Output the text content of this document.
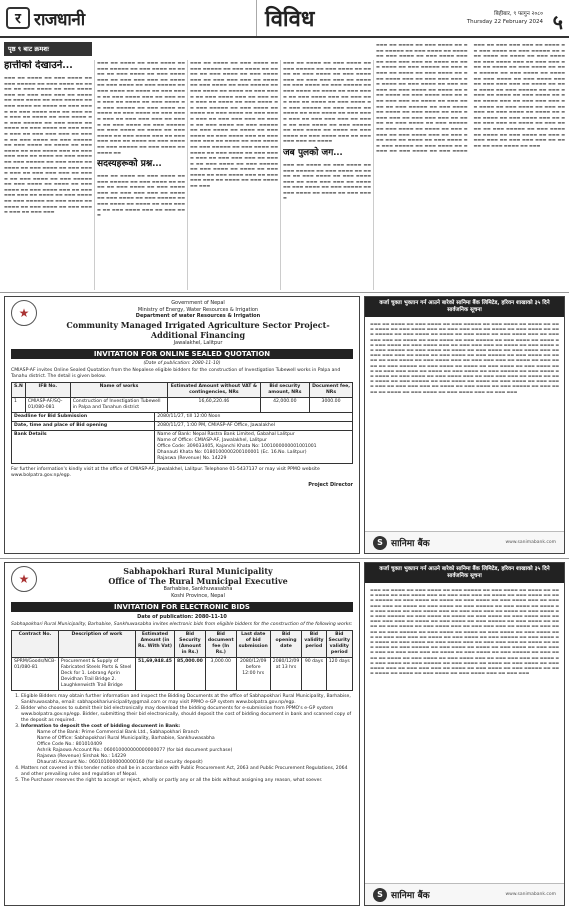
र राजधानी	विविध	बिहीबार, ९ फागुन २०८०
Thursday 22 February 2024 ५
पृष्ठ ९ बाट क्रमशः
हात्तीको देखाउने...
▬▬▬ ▬▬ ▬▬▬▬ ▬▬ ▬▬▬ ▬▬▬▬ ▬▬ ▬▬▬ ▬▬▬▬▬ ▬▬ ▬▬▬ ▬▬▬▬ ▬▬ ▬▬▬▬ ▬▬ ▬▬▬ ▬▬▬▬ ▬▬ ▬▬▬ ▬▬▬▬ ▬▬▬ ▬▬ ▬▬▬ ▬▬▬ ▬▬▬ ▬▬ ▬▬▬▬ ▬▬ ▬▬▬ ▬▬▬▬ ▬▬ ▬▬▬ ▬▬▬▬▬ ▬▬ ▬▬▬ ▬▬▬▬ ▬▬ ▬▬▬▬ ▬▬ ▬▬▬ ▬▬▬▬ ▬▬ ▬▬▬ ▬▬▬▬ ▬▬▬ ▬▬ ▬▬▬ ▬▬▬ ▬▬▬ ▬▬ ▬▬▬▬ ▬▬ ▬▬▬ ▬▬▬▬ ▬▬ ▬▬▬ ▬▬▬▬▬ ▬▬ ▬▬▬ ▬▬▬▬ ▬▬ ▬▬▬▬ ▬▬ ▬▬▬ ▬▬▬▬ ▬▬ ▬▬▬ ▬▬▬▬ ▬▬▬ ▬▬ ▬▬▬ ▬▬▬ ▬▬▬ ▬▬ ▬▬▬▬ ▬▬ ▬▬▬ ▬▬▬▬ ▬▬ ▬▬▬ ▬▬▬▬▬ ▬▬ ▬▬▬ ▬▬▬▬ ▬▬ ▬▬▬▬ ▬▬ ▬▬▬ ▬▬▬▬ ▬▬ ▬▬▬ ▬▬▬▬ ▬▬▬ ▬▬ ▬▬▬ ▬▬▬ ▬▬▬ ▬▬ ▬▬▬▬ ▬▬ ▬▬▬ ▬▬▬▬ ▬▬ ▬▬▬ ▬▬▬▬▬ ▬▬ ▬▬▬ ▬▬▬▬ ▬▬ ▬▬▬▬ ▬▬ ▬▬▬ ▬▬▬▬ ▬▬ ▬▬▬ ▬▬▬▬ ▬▬▬ ▬▬ ▬▬▬ ▬▬▬ ▬▬▬ ▬▬ ▬▬▬▬ ▬▬ ▬▬▬ ▬▬▬▬ ▬▬ ▬▬▬ ▬▬▬▬▬ ▬▬ ▬▬▬ ▬▬▬▬ ▬▬ ▬▬▬▬ ▬▬ ▬▬▬ ▬▬▬▬ ▬▬ ▬▬▬ ▬▬▬▬ ▬▬▬ ▬▬ ▬▬▬ ▬▬▬ ▬▬▬ ▬▬ ▬▬▬▬ ▬▬ ▬▬▬ ▬▬▬▬ ▬▬ ▬▬▬ ▬▬▬▬▬ ▬▬ ▬▬▬ ▬▬▬▬ ▬▬ ▬▬▬▬ ▬▬ ▬▬▬ ▬▬▬▬ ▬▬ ▬▬▬ ▬▬▬▬ ▬▬▬ ▬▬ ▬▬▬ ▬▬▬
▬▬▬ ▬▬ ▬▬▬▬ ▬▬ ▬▬▬ ▬▬▬▬ ▬▬ ▬▬▬ ▬▬▬▬▬ ▬▬ ▬▬▬ ▬▬▬▬ ▬▬ ▬▬▬▬ ▬▬ ▬▬▬ ▬▬▬▬ ▬▬ ▬▬▬ ▬▬▬▬ ▬▬▬ ▬▬ ▬▬▬ ▬▬▬ ▬▬▬ ▬▬ ▬▬▬▬ ▬▬ ▬▬▬ ▬▬▬▬ ▬▬ ▬▬▬ ▬▬▬▬▬ ▬▬ ▬▬▬ ▬▬▬▬ ▬▬ ▬▬▬▬ ▬▬ ▬▬▬ ▬▬▬▬ ▬▬ ▬▬▬ ▬▬▬▬ ▬▬▬ ▬▬ ▬▬▬ ▬▬▬ ▬▬▬ ▬▬ ▬▬▬▬ ▬▬ ▬▬▬ ▬▬▬▬ ▬▬ ▬▬▬ ▬▬▬▬▬ ▬▬ ▬▬▬ ▬▬▬▬ ▬▬ ▬▬▬▬ ▬▬ ▬▬▬ ▬▬▬▬ ▬▬ ▬▬▬ ▬▬▬▬ ▬▬▬ ▬▬ ▬▬▬ ▬▬▬ ▬▬▬ ▬▬ ▬▬▬▬ ▬▬ ▬▬▬ ▬▬▬▬ ▬▬ ▬▬▬ ▬▬▬▬▬ ▬▬ ▬▬▬ ▬▬▬▬ ▬▬ ▬▬▬▬ ▬▬ ▬▬▬ ▬▬▬▬ ▬▬ ▬▬▬ ▬▬▬▬ ▬▬▬ ▬▬ ▬▬▬ ▬▬▬ ▬▬▬ ▬▬ ▬▬▬▬ ▬▬ ▬▬▬ ▬▬▬▬ ▬▬ ▬▬▬ ▬▬▬▬▬ ▬▬ ▬▬▬ ▬▬▬▬ ▬▬ ▬▬▬▬ ▬▬
सदस्यहरूको प्रश्न...
▬▬▬ ▬▬ ▬▬▬▬ ▬▬ ▬▬▬ ▬▬▬▬ ▬▬ ▬▬▬ ▬▬▬▬▬ ▬▬ ▬▬▬ ▬▬▬▬ ▬▬ ▬▬▬▬ ▬▬ ▬▬▬ ▬▬▬▬ ▬▬ ▬▬▬ ▬▬▬▬ ▬▬▬ ▬▬ ▬▬▬ ▬▬▬ ▬▬▬ ▬▬ ▬▬▬▬ ▬▬ ▬▬▬ ▬▬▬▬ ▬▬ ▬▬▬ ▬▬▬▬▬ ▬▬ ▬▬▬ ▬▬▬▬ ▬▬ ▬▬▬▬ ▬▬ ▬▬▬ ▬▬▬▬ ▬▬ ▬▬▬ ▬▬▬▬ ▬▬▬ ▬▬ ▬▬▬ ▬▬▬
▬▬▬ ▬▬ ▬▬▬▬ ▬▬ ▬▬▬ ▬▬▬▬ ▬▬ ▬▬▬ ▬▬▬▬▬ ▬▬ ▬▬▬ ▬▬▬▬ ▬▬ ▬▬▬▬ ▬▬ ▬▬▬ ▬▬▬▬ ▬▬ ▬▬▬ ▬▬▬▬ ▬▬▬ ▬▬ ▬▬▬ ▬▬▬ ▬▬▬ ▬▬ ▬▬▬▬ ▬▬ ▬▬▬ ▬▬▬▬ ▬▬ ▬▬▬ ▬▬▬▬▬ ▬▬ ▬▬▬ ▬▬▬▬ ▬▬ ▬▬▬▬ ▬▬ ▬▬▬ ▬▬▬▬ ▬▬ ▬▬▬ ▬▬▬▬ ▬▬▬ ▬▬ ▬▬▬ ▬▬▬ ▬▬▬ ▬▬ ▬▬▬▬ ▬▬ ▬▬▬ ▬▬▬▬ ▬▬ ▬▬▬ ▬▬▬▬▬ ▬▬ ▬▬▬ ▬▬▬▬ ▬▬ ▬▬▬▬ ▬▬ ▬▬▬ ▬▬▬▬ ▬▬ ▬▬▬ ▬▬▬▬ ▬▬▬ ▬▬ ▬▬▬ ▬▬▬ ▬▬▬ ▬▬ ▬▬▬▬ ▬▬ ▬▬▬ ▬▬▬▬ ▬▬ ▬▬▬ ▬▬▬▬▬ ▬▬ ▬▬▬ ▬▬▬▬ ▬▬ ▬▬▬▬ ▬▬ ▬▬▬ ▬▬▬▬ ▬▬ ▬▬▬ ▬▬▬▬ ▬▬▬ ▬▬ ▬▬▬ ▬▬▬ ▬▬▬ ▬▬ ▬▬▬▬ ▬▬ ▬▬▬ ▬▬▬▬ ▬▬ ▬▬▬ ▬▬▬▬▬ ▬▬ ▬▬▬ ▬▬▬▬ ▬▬ ▬▬▬▬ ▬▬ ▬▬▬ ▬▬▬▬ ▬▬ ▬▬▬ ▬▬▬▬ ▬▬▬ ▬▬ ▬▬▬ ▬▬▬ ▬▬▬ ▬▬ ▬▬▬▬ ▬▬ ▬▬▬ ▬▬▬▬ ▬▬ ▬▬▬ ▬▬▬▬▬ ▬▬ ▬▬▬ ▬▬▬▬ ▬▬ ▬▬▬▬ ▬▬ ▬▬▬ ▬▬▬▬ ▬▬ ▬▬▬ ▬▬▬▬ ▬▬▬ ▬▬ ▬▬▬ ▬▬▬ ▬▬▬ ▬▬ ▬▬▬▬ ▬▬ ▬▬▬ ▬▬▬▬ ▬▬ ▬▬▬
▬▬▬ ▬▬ ▬▬▬▬ ▬▬ ▬▬▬ ▬▬▬▬ ▬▬ ▬▬▬ ▬▬▬▬▬ ▬▬ ▬▬▬ ▬▬▬▬ ▬▬ ▬▬▬▬ ▬▬ ▬▬▬ ▬▬▬▬ ▬▬ ▬▬▬ ▬▬▬▬ ▬▬▬ ▬▬ ▬▬▬ ▬▬▬ ▬▬▬ ▬▬ ▬▬▬▬ ▬▬ ▬▬▬ ▬▬▬▬ ▬▬ ▬▬▬ ▬▬▬▬▬ ▬▬ ▬▬▬ ▬▬▬▬ ▬▬ ▬▬▬▬ ▬▬ ▬▬▬ ▬▬▬▬ ▬▬ ▬▬▬ ▬▬▬▬ ▬▬▬ ▬▬ ▬▬▬ ▬▬▬ ▬▬▬ ▬▬ ▬▬▬▬ ▬▬ ▬▬▬ ▬▬▬▬ ▬▬ ▬▬▬ ▬▬▬▬▬ ▬▬ ▬▬▬ ▬▬▬▬ ▬▬ ▬▬▬▬ ▬▬ ▬▬▬ ▬▬▬▬ ▬▬ ▬▬▬ ▬▬▬▬ ▬▬▬ ▬▬ ▬▬▬ ▬▬▬ ▬▬▬ ▬▬ ▬▬▬▬ ▬▬ ▬▬▬ ▬▬▬▬ ▬▬ ▬▬▬ ▬▬▬▬▬ ▬▬ ▬▬▬ ▬▬▬▬ ▬▬ ▬▬▬▬ ▬▬ ▬▬▬ ▬▬▬▬ ▬▬ ▬▬▬ ▬▬▬▬ ▬▬▬ ▬▬ ▬▬▬ ▬▬▬ ▬▬▬ ▬▬ ▬▬▬▬
जब पुलको जग...
▬▬▬ ▬▬ ▬▬▬▬ ▬▬ ▬▬▬ ▬▬▬▬ ▬▬ ▬▬▬ ▬▬▬▬▬ ▬▬ ▬▬▬ ▬▬▬▬ ▬▬ ▬▬▬▬ ▬▬ ▬▬▬ ▬▬▬▬ ▬▬ ▬▬▬ ▬▬▬▬ ▬▬▬ ▬▬ ▬▬▬ ▬▬▬ ▬▬▬ ▬▬ ▬▬▬▬ ▬▬ ▬▬▬ ▬▬▬▬ ▬▬ ▬▬▬ ▬▬▬▬▬ ▬▬ ▬▬▬ ▬▬▬▬ ▬▬ ▬▬▬▬ ▬▬ ▬▬▬ ▬▬▬▬
▬▬▬ ▬▬ ▬▬▬▬ ▬▬ ▬▬▬ ▬▬▬▬ ▬▬ ▬▬▬ ▬▬▬▬▬ ▬▬ ▬▬▬ ▬▬▬▬ ▬▬ ▬▬▬▬ ▬▬ ▬▬▬ ▬▬▬▬ ▬▬ ▬▬▬ ▬▬▬▬ ▬▬▬ ▬▬ ▬▬▬ ▬▬▬ ▬▬▬ ▬▬ ▬▬▬▬ ▬▬ ▬▬▬ ▬▬▬▬ ▬▬ ▬▬▬ ▬▬▬▬▬ ▬▬ ▬▬▬ ▬▬▬▬ ▬▬ ▬▬▬▬ ▬▬ ▬▬▬ ▬▬▬▬ ▬▬ ▬▬▬ ▬▬▬▬ ▬▬▬ ▬▬ ▬▬▬ ▬▬▬ ▬▬▬ ▬▬ ▬▬▬▬ ▬▬ ▬▬▬ ▬▬▬▬ ▬▬ ▬▬▬ ▬▬▬▬▬ ▬▬ ▬▬▬ ▬▬▬▬ ▬▬ ▬▬▬▬ ▬▬ ▬▬▬ ▬▬▬▬ ▬▬ ▬▬▬ ▬▬▬▬ ▬▬▬ ▬▬ ▬▬▬ ▬▬▬ ▬▬▬ ▬▬ ▬▬▬▬ ▬▬ ▬▬▬ ▬▬▬▬ ▬▬ ▬▬▬ ▬▬▬▬▬ ▬▬ ▬▬▬ ▬▬▬▬ ▬▬ ▬▬▬▬ ▬▬ ▬▬▬ ▬▬▬▬ ▬▬ ▬▬▬ ▬▬▬▬ ▬▬▬ ▬▬ ▬▬▬ ▬▬▬ ▬▬▬ ▬▬ ▬▬▬▬ ▬▬ ▬▬▬ ▬▬▬▬ ▬▬ ▬▬▬ ▬▬▬▬▬ ▬▬ ▬▬▬ ▬▬▬▬ ▬▬ ▬▬▬▬ ▬▬ ▬▬▬ ▬▬▬▬ ▬▬ ▬▬▬ ▬▬▬▬ ▬▬▬ ▬▬ ▬▬▬ ▬▬▬ ▬▬▬ ▬▬ ▬▬▬▬ ▬▬ ▬▬▬ ▬▬▬▬ ▬▬ ▬▬▬ ▬▬▬▬▬ ▬▬ ▬▬▬ ▬▬▬▬ ▬▬ ▬▬▬▬ ▬▬ ▬▬▬ ▬▬▬▬ ▬▬ ▬▬▬ ▬▬▬▬ ▬▬▬ ▬▬ ▬▬▬ ▬▬▬ ▬▬▬ ▬▬ ▬▬▬▬ ▬▬ ▬▬▬ ▬▬▬▬ ▬▬ ▬▬▬ ▬▬▬▬▬ ▬▬ ▬▬▬ ▬▬▬▬ ▬▬ ▬▬▬▬ ▬▬ ▬▬▬ ▬▬▬▬ ▬▬ ▬▬▬ ▬▬▬▬ ▬▬▬ ▬▬ ▬▬▬ ▬▬▬ ▬▬▬ ▬▬ ▬▬▬▬ ▬▬ ▬▬▬ ▬▬▬▬ ▬▬ ▬▬▬ ▬▬▬▬▬ ▬▬ ▬▬▬ ▬▬▬▬ ▬▬ ▬▬▬▬ ▬▬ ▬▬▬ ▬▬▬▬ ▬▬ ▬▬▬ ▬▬▬▬ ▬▬▬ ▬▬ ▬▬▬ ▬▬▬ ▬▬▬ ▬▬ ▬▬▬▬ ▬▬ ▬▬▬ ▬▬▬▬ ▬▬ ▬▬▬ ▬▬▬▬▬ ▬▬ ▬▬▬ ▬▬▬▬ ▬▬ ▬▬▬▬ ▬▬ ▬▬▬ ▬▬▬▬ ▬▬ ▬▬▬ ▬▬▬▬ ▬▬▬ ▬▬ ▬▬▬ ▬▬▬ ▬▬▬ ▬▬ ▬▬▬▬ ▬▬ ▬▬▬ ▬▬▬▬ ▬▬ ▬▬▬ ▬▬▬▬▬ ▬▬ ▬▬▬ ▬▬▬▬ ▬▬ ▬▬▬▬ ▬▬ ▬▬▬ ▬▬▬▬ ▬▬ ▬▬▬ ▬▬▬▬ ▬▬▬ ▬▬ ▬▬▬ ▬▬▬ ▬▬▬ ▬▬ ▬▬▬▬ ▬▬ ▬▬▬ ▬▬▬▬ ▬▬ ▬▬▬ ▬▬▬▬▬ ▬▬ ▬▬▬ ▬▬▬▬ ▬▬ ▬▬▬▬ ▬▬ ▬▬▬ ▬▬▬▬ ▬▬ ▬▬▬ ▬▬▬▬ ▬▬▬ ▬▬ ▬▬▬ ▬▬▬ ▬▬▬ ▬▬ ▬▬▬▬ ▬▬ ▬▬▬ ▬▬▬▬ ▬▬ ▬▬▬
★
Government of Nepal
Ministry of Energy, Water Resources & Irrigation
Department of water Resources & Irrigation
Community Managed Irrigated Agriculture Sector Project- Additional Financing
Jawalakhel, Lalitpur
INVITATION FOR ONLINE SEALED QUOTATION
(Date of publication: 2080-11-10)
CMIASP-AF invites Online Sealed Quotation from the Nepalese eligible bidders for the construction of Investigation Tubewell works in Palpa and Tanahu district. The detail is given below.
S.N	IFB No.	Name of works	Estimated Amount without VAT & contingencies, NRs	Bid security amount, NRs	Document fee, NRs
1	CMIASP-AF/SQ-01/080-081	Construction of Investigation Tubewell in Palpa and Tanahun district	16,60,220.46	42,000.00	3000.00
Deadline for Bid Submission	2080/11/27, till 12:00 Noon
Date, time and place of Bid opening	2080/11/27, 1:00 PM, CMIASP-AF Office, Jawalakhel
Bank Details	Name of Bank: Nepal Rastra Bank Limited, Gabahal Lalitpur
Name of Office: CMIASP-AF, Jawalakhel, Lalitpur
Office Code: 309033405, Kajanchi Khata No: 1001000000001001001
Dhanauti Khata No: 0180100000200100001 (Ec. 16.No. Lalitpur)
Rajaswa (Revenue) No. 14229
For further information's kindly visit at the office of CMIASP-AF, Jawalakhel, Lalitpur. Telephone 01-5437137 or may visit PPMO website www.bolpatra.gov.np/egp.
Project Director
कर्जा चुक्ता भुक्तान गर्न आउने बारेको सानिमा बैंक लिमिटेड, हरिवन शाखाको ३५ दिने सार्वजनिक सूचना
▬▬▬ ▬▬ ▬▬▬▬ ▬▬ ▬▬▬ ▬▬▬▬ ▬▬ ▬▬▬ ▬▬▬▬▬ ▬▬ ▬▬▬ ▬▬▬▬ ▬▬ ▬▬▬▬ ▬▬ ▬▬▬ ▬▬▬▬ ▬▬ ▬▬▬ ▬▬▬▬ ▬▬▬ ▬▬ ▬▬▬ ▬▬▬ ▬▬▬ ▬▬ ▬▬▬▬ ▬▬ ▬▬▬ ▬▬▬▬ ▬▬ ▬▬▬ ▬▬▬▬▬ ▬▬ ▬▬▬ ▬▬▬▬ ▬▬ ▬▬▬▬ ▬▬ ▬▬▬ ▬▬▬▬ ▬▬ ▬▬▬ ▬▬▬▬ ▬▬▬ ▬▬ ▬▬▬ ▬▬▬ ▬▬▬ ▬▬ ▬▬▬▬ ▬▬ ▬▬▬ ▬▬▬▬ ▬▬ ▬▬▬ ▬▬▬▬▬ ▬▬ ▬▬▬ ▬▬▬▬ ▬▬ ▬▬▬▬ ▬▬ ▬▬▬ ▬▬▬▬ ▬▬ ▬▬▬ ▬▬▬▬ ▬▬▬ ▬▬ ▬▬▬ ▬▬▬ ▬▬▬ ▬▬ ▬▬▬▬ ▬▬ ▬▬▬ ▬▬▬▬ ▬▬ ▬▬▬ ▬▬▬▬▬ ▬▬ ▬▬▬ ▬▬▬▬ ▬▬ ▬▬▬▬ ▬▬ ▬▬▬ ▬▬▬▬ ▬▬ ▬▬▬ ▬▬▬▬ ▬▬▬ ▬▬ ▬▬▬ ▬▬▬ ▬▬▬ ▬▬ ▬▬▬▬ ▬▬ ▬▬▬ ▬▬▬▬ ▬▬ ▬▬▬ ▬▬▬▬▬ ▬▬ ▬▬▬ ▬▬▬▬ ▬▬ ▬▬▬▬ ▬▬ ▬▬▬ ▬▬▬▬ ▬▬ ▬▬▬ ▬▬▬▬ ▬▬▬ ▬▬ ▬▬▬ ▬▬▬ ▬▬▬ ▬▬ ▬▬▬▬ ▬▬ ▬▬▬ ▬▬▬▬ ▬▬ ▬▬▬ ▬▬▬▬▬ ▬▬ ▬▬▬ ▬▬▬▬ ▬▬ ▬▬▬▬ ▬▬ ▬▬▬ ▬▬▬▬ ▬▬ ▬▬▬ ▬▬▬▬ ▬▬▬ ▬▬ ▬▬▬ ▬▬▬ ▬▬▬ ▬▬ ▬▬▬▬ ▬▬ ▬▬▬ ▬▬▬▬ ▬▬ ▬▬▬ ▬▬▬▬▬ ▬▬ ▬▬▬ ▬▬▬▬ ▬▬ ▬▬▬▬ ▬▬ ▬▬▬ ▬▬▬▬ ▬▬ ▬▬▬ ▬▬▬▬ ▬▬▬ ▬▬ ▬▬▬ ▬▬▬ ▬▬▬ ▬▬ ▬▬▬▬ ▬▬ ▬▬▬ ▬▬▬▬ ▬▬ ▬▬▬ ▬▬▬▬▬ ▬▬ ▬▬▬ ▬▬▬▬ ▬▬ ▬▬▬▬ ▬▬ ▬▬▬ ▬▬▬▬ ▬▬ ▬▬▬ ▬▬▬▬ ▬▬▬ ▬▬ ▬▬▬ ▬▬▬ ▬▬▬ ▬▬ ▬▬▬▬ ▬▬ ▬▬▬ ▬▬▬▬ ▬▬ ▬▬▬ ▬▬▬▬▬ ▬▬ ▬▬▬ ▬▬▬▬ ▬▬ ▬▬▬▬ ▬▬ ▬▬▬ ▬▬▬▬ ▬▬ ▬▬▬ ▬▬▬▬ ▬▬▬ ▬▬ ▬▬▬ ▬▬▬
S सानिमा बैंक	www.sanimabank.com
★
Sabhapokhari Rural Municipality
Office of The Rural Municipal Executive
Barhabise, Sankhuwasabha
Koshi Province, Nepal
INVITATION FOR ELECTRONIC BIDS
Date of publication: 2080-11-10
Sabhapokhari Rural Municipality, Barhabise, Sankhuwasabha invites electronic bids from eligible bidders for the construction of the following works:
Contract No.	Description of work	Estimated Amount (in Rs. With Vat)	Bid Security (Amount in Rs.)	Bid document fee (In Rs.)	Last date of bid submission	Bid opening date	Bid validity period	Bid Security validity period
SPRM/Goods/NCB-01/080-81	Procurement & Supply of Fabricated Steels Parts & Steel Deck for 1. Lebrang Aprin Devidhan Trail Bridge 2. Laughkenwisth Trail Bridge	51,69,948.45	85,000.00	3,000.00	2080/12/09 before 12:00 hrs	2080/12/09 at 13 hrs	90 days	120 days
1. Eligible Bidders may obtain further information and inspect the Bidding Documents at the office of Sabhapokhari Rural Municipality, Barhabise, Sankhuwasabha, email: sabhapokhariunicipality@gmail.com or may visit PPMO e-GP system www.bolpatra.gov.np/egp.
2. Bidder who chooses to submit their bid electronically may download the bidding documents for e-submission from PPMO's e-GP system www.bolpatra.gov.np/egp. Bidder, submitting their bid electronically, should deposit the cost of bidding document in bank and scanned copy of the deposit as required.
3. Information to deposit the cost of bidding document in Bank:
Name of the Bank: Prime Commercial Bank Ltd., Sabhapokhari Branch
Name of Office: Sabhapokhari Rural Municipality, Barhabise, Sankhuwasabha
Office Code No.: 801010409
Ashrik Rajaswa Account No.: 060010000000000000077 (for bid document purchase)
Rajaswa (Revenue) Sirshak No.: 14229
Dhaurati Account No.: 0601010000000000160 (for bid security deposit)
4. Matters not covered in this tender notice shall be in accordance with Public Procurement Act, 2063 and Public Procurement Regulations, 2064 and other prevailing rules and regulation of Nepal.
5. The Purchaser reserves the right to accept or reject, wholly or partly any or all the bids without assigning any reason, what soever.
कर्जा चुक्ता भुक्तान गर्न आउने बारेको सानिमा बैंक लिमिटेड, हरिवन शाखाको ३५ दिने सार्वजनिक सूचना
▬▬▬ ▬▬ ▬▬▬▬ ▬▬ ▬▬▬ ▬▬▬▬ ▬▬ ▬▬▬ ▬▬▬▬▬ ▬▬ ▬▬▬ ▬▬▬▬ ▬▬ ▬▬▬▬ ▬▬ ▬▬▬ ▬▬▬▬ ▬▬ ▬▬▬ ▬▬▬▬ ▬▬▬ ▬▬ ▬▬▬ ▬▬▬ ▬▬▬ ▬▬ ▬▬▬▬ ▬▬ ▬▬▬ ▬▬▬▬ ▬▬ ▬▬▬ ▬▬▬▬▬ ▬▬ ▬▬▬ ▬▬▬▬ ▬▬ ▬▬▬▬ ▬▬ ▬▬▬ ▬▬▬▬ ▬▬ ▬▬▬ ▬▬▬▬ ▬▬▬ ▬▬ ▬▬▬ ▬▬▬ ▬▬▬ ▬▬ ▬▬▬▬ ▬▬ ▬▬▬ ▬▬▬▬ ▬▬ ▬▬▬ ▬▬▬▬▬ ▬▬ ▬▬▬ ▬▬▬▬ ▬▬ ▬▬▬▬ ▬▬ ▬▬▬ ▬▬▬▬ ▬▬ ▬▬▬ ▬▬▬▬ ▬▬▬ ▬▬ ▬▬▬ ▬▬▬ ▬▬▬ ▬▬ ▬▬▬▬ ▬▬ ▬▬▬ ▬▬▬▬ ▬▬ ▬▬▬ ▬▬▬▬▬ ▬▬ ▬▬▬ ▬▬▬▬ ▬▬ ▬▬▬▬ ▬▬ ▬▬▬ ▬▬▬▬ ▬▬ ▬▬▬ ▬▬▬▬ ▬▬▬ ▬▬ ▬▬▬ ▬▬▬ ▬▬▬ ▬▬ ▬▬▬▬ ▬▬ ▬▬▬ ▬▬▬▬ ▬▬ ▬▬▬ ▬▬▬▬▬ ▬▬ ▬▬▬ ▬▬▬▬ ▬▬ ▬▬▬▬ ▬▬ ▬▬▬ ▬▬▬▬ ▬▬ ▬▬▬ ▬▬▬▬ ▬▬▬ ▬▬ ▬▬▬ ▬▬▬ ▬▬▬ ▬▬ ▬▬▬▬ ▬▬ ▬▬▬ ▬▬▬▬ ▬▬ ▬▬▬ ▬▬▬▬▬ ▬▬ ▬▬▬ ▬▬▬▬ ▬▬ ▬▬▬▬ ▬▬ ▬▬▬ ▬▬▬▬ ▬▬ ▬▬▬ ▬▬▬▬ ▬▬▬ ▬▬ ▬▬▬ ▬▬▬ ▬▬▬ ▬▬ ▬▬▬▬ ▬▬ ▬▬▬ ▬▬▬▬ ▬▬ ▬▬▬ ▬▬▬▬▬ ▬▬ ▬▬▬ ▬▬▬▬ ▬▬ ▬▬▬▬ ▬▬ ▬▬▬ ▬▬▬▬ ▬▬ ▬▬▬ ▬▬▬▬ ▬▬▬ ▬▬ ▬▬▬ ▬▬▬ ▬▬▬ ▬▬ ▬▬▬▬ ▬▬ ▬▬▬ ▬▬▬▬ ▬▬ ▬▬▬ ▬▬▬▬▬ ▬▬ ▬▬▬ ▬▬▬▬ ▬▬ ▬▬▬▬ ▬▬ ▬▬▬ ▬▬▬▬ ▬▬ ▬▬▬ ▬▬▬▬ ▬▬▬ ▬▬ ▬▬▬ ▬▬▬ ▬▬▬ ▬▬ ▬▬▬▬ ▬▬ ▬▬▬ ▬▬▬▬ ▬▬ ▬▬▬ ▬▬▬▬▬ ▬▬ ▬▬▬ ▬▬▬▬ ▬▬ ▬▬▬▬ ▬▬ ▬▬▬ ▬▬▬▬ ▬▬ ▬▬▬ ▬▬▬▬ ▬▬▬ ▬▬ ▬▬▬ ▬▬▬ ▬▬▬ ▬▬ ▬▬▬▬ ▬▬ ▬▬▬ ▬▬▬▬ ▬▬ ▬▬▬ ▬▬▬▬▬ ▬▬ ▬▬▬ ▬▬▬▬ ▬▬ ▬▬▬▬ ▬▬ ▬▬▬ ▬▬▬▬ ▬▬ ▬▬▬ ▬▬▬▬ ▬▬▬ ▬▬ ▬▬▬ ▬▬▬ ▬▬▬ ▬▬ ▬▬▬▬ ▬▬ ▬▬▬ ▬▬▬▬ ▬▬ ▬▬▬ ▬▬▬▬▬ ▬▬ ▬▬▬ ▬▬▬▬ ▬▬ ▬▬▬▬ ▬▬ ▬▬▬ ▬▬▬▬ ▬▬ ▬▬▬ ▬▬▬▬ ▬▬▬ ▬▬ ▬▬▬ ▬▬▬
S सानिमा बैंक	www.sanimabank.com
